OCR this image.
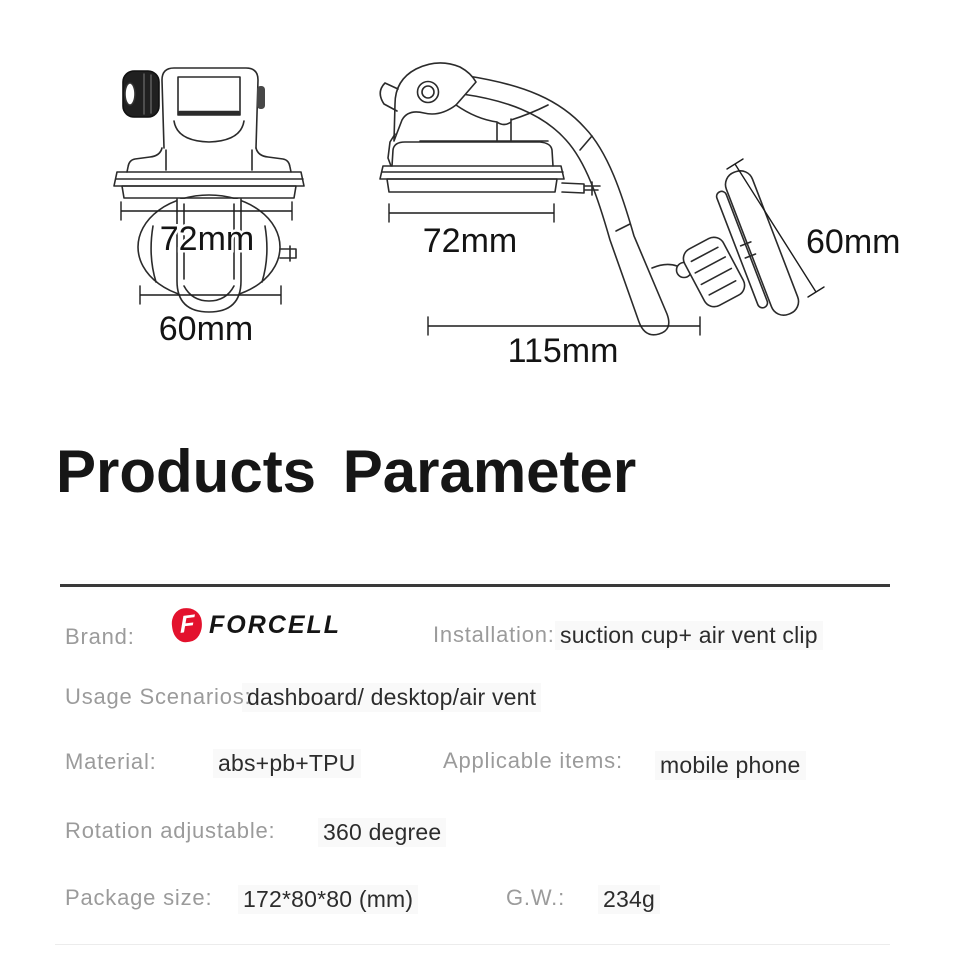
72mm
60mm
72mm	60mm
115mm
Products Parameter
Brand: F FORCELL	Installation: suction cup+ air vent clip
Usage Scenarios:
dashboard/ desktop/air vent
Material:	abs+pb+TPU	Applicable items: mobile phone
Rotation adjustable: 360 degree
Package size: 172*80*80 (mm)	G.W.: 234g
